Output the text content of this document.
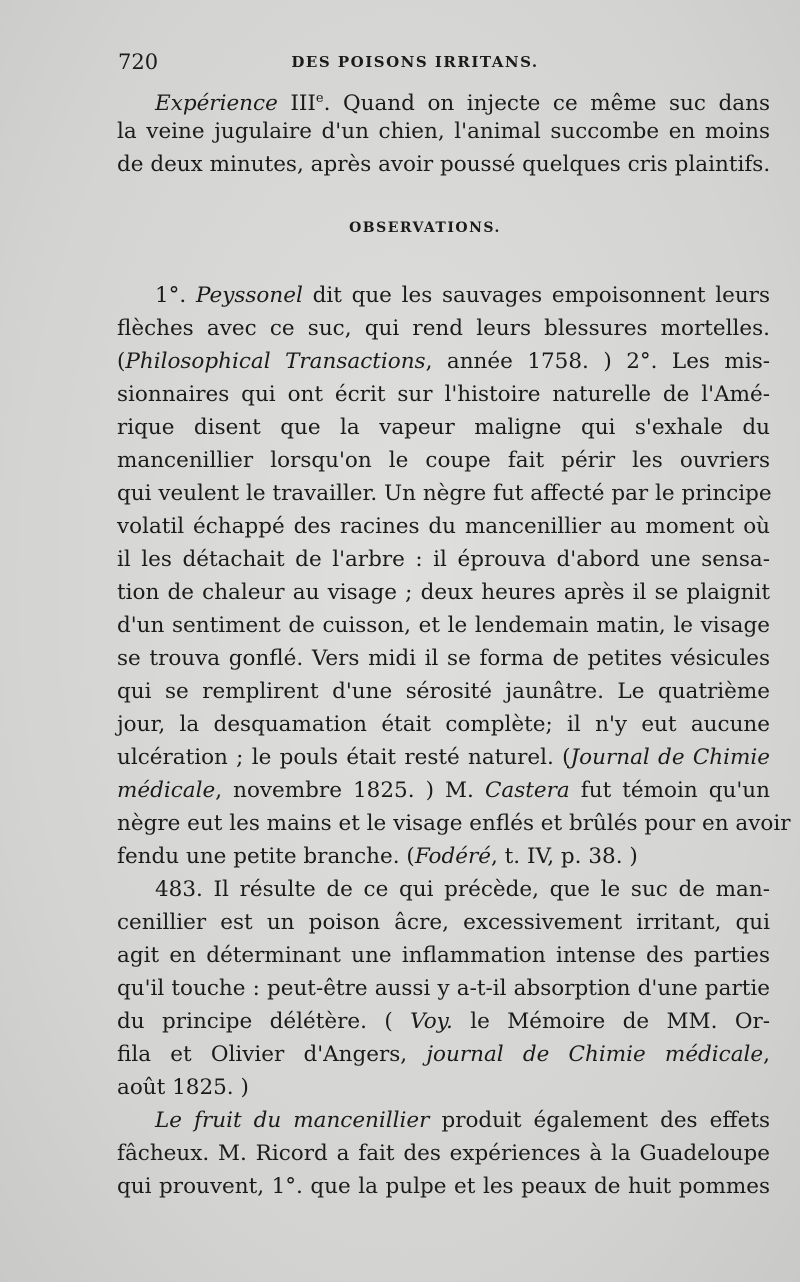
720	DES POISONS IRRITANS.
Expérience IIIe. Quand on injecte ce même suc dans
la veine jugulaire d'un chien, l'animal succombe en moins
de deux minutes, après avoir poussé quelques cris plaintifs.
OBSERVATIONS.
1°. Peyssonel dit que les sauvages empoisonnent leurs
flèches avec ce suc, qui rend leurs blessures mortelles.
(Philosophical Transactions, année 1758. ) 2°. Les mis-
sionnaires qui ont écrit sur l'histoire naturelle de l'Amé-
rique disent que la vapeur maligne qui s'exhale du
mancenillier lorsqu'on le coupe fait périr les ouvriers
qui veulent le travailler. Un nègre fut affecté par le principe
volatil échappé des racines du mancenillier au moment où
il les détachait de l'arbre : il éprouva d'abord une sensa-
tion de chaleur au visage ; deux heures après il se plaignit
d'un sentiment de cuisson, et le lendemain matin, le visage
se trouva gonflé. Vers midi il se forma de petites vésicules
qui se remplirent d'une sérosité jaunâtre. Le quatrième
jour, la desquamation était complète; il n'y eut aucune
ulcération ; le pouls était resté naturel. (Journal de Chimie
médicale, novembre 1825. ) M. Castera fut témoin qu'un
nègre eut les mains et le visage enflés et brûlés pour en avoir
fendu une petite branche. (Fodéré, t. IV, p. 38. )
483. Il résulte de ce qui précède, que le suc de man-
cenillier est un poison âcre, excessivement irritant, qui
agit en déterminant une inflammation intense des parties
qu'il touche : peut-être aussi y a-t-il absorption d'une partie
du principe délétère. ( Voy. le Mémoire de MM. Or-
fila et Olivier d'Angers, journal de Chimie médicale,
août 1825. )
Le fruit du mancenillier produit également des effets
fâcheux. M. Ricord a fait des expériences à la Guadeloupe
qui prouvent, 1°. que la pulpe et les peaux de huit pommes
